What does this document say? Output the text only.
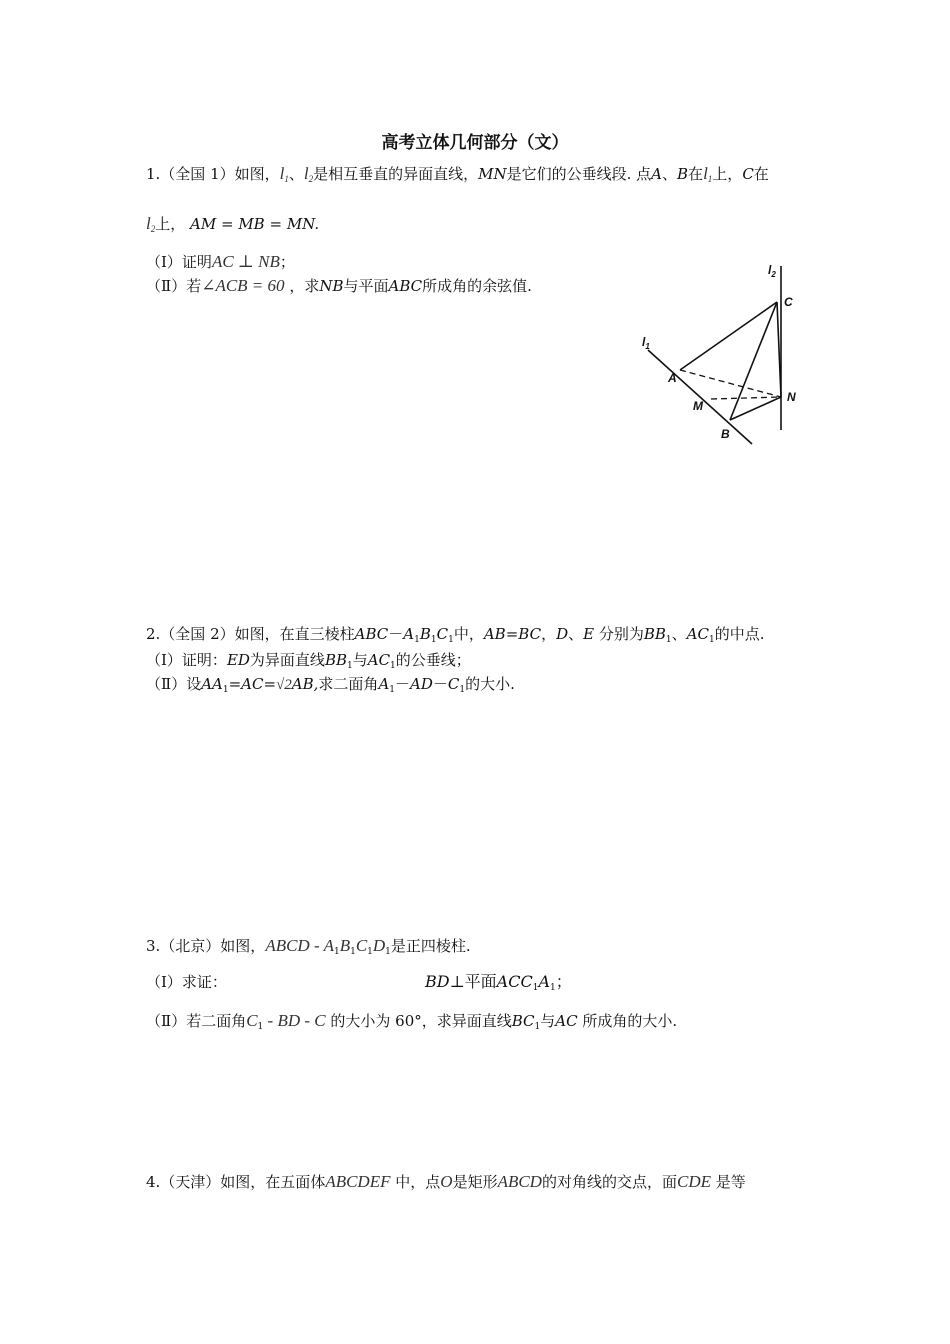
高考立体几何部分（文）
1.（全国 1）如图，$l_1$、$l_2$是相互垂直的异面直线，MN是它们的公垂线段. 点A、B在$l_1$上，C在
$l_2$上， AM = MB = MN.
（Ⅰ）证明AC ⊥ NB；
（Ⅱ）若∠ACB = 60 ，求NB与平面ABC所成角的余弦值.
$l_2$
$l_1$
C
A
M
N
B
2.（全国 2）如图，在直三棱柱$ABC-A_1B_1C_1$中，AB=BC，D、E 分别为$BB_1$、$AC_1$的中点.
（Ⅰ）证明：ED为异面直线$BB_1$与$AC_1$的公垂线；
（Ⅱ）设$AA_1=AC=√2AB$,求二面角$A_1-AD-C_1$的大小.
3.（北京）如图，ABCD - $A_1B_1C_1D_1$是正四棱柱.
（Ⅰ）求证：	BD⊥平面$ACC_1A_1$；
（Ⅱ）若二面角$C_1$ - BD - C 的大小为 60°，求异面直线$BC_1$与AC 所成角的大小.
4.（天津）如图，在五面体ABCDEF 中，点O是矩形ABCD的对角线的交点，面CDE 是等
